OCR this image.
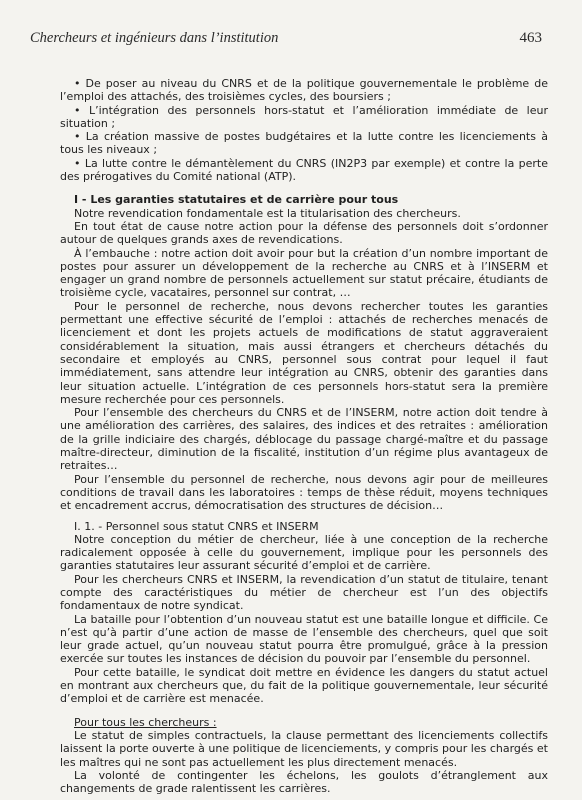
Chercheurs et ingénieurs dans l’institution	463

• De poser au niveau du CNRS et de la politique gouvernementale le problème de l’emploi des attachés, des troisièmes cycles, des boursiers ;

• L’intégration des personnels hors-statut et l’amélioration immédiate de leur situation ;

• La création massive de postes budgétaires et la lutte contre les licenciements à tous les niveaux ;

• La lutte contre le démantèlement du CNRS (IN2P3 par exemple) et contre la perte des prérogatives du Comité national (ATP).

I - Les garanties statutaires et de carrière pour tous

Notre revendication fondamentale est la titularisation des chercheurs.

En tout état de cause notre action pour la défense des personnels doit s’ordonner autour de quelques grands axes de revendications.

À l’embauche : notre action doit avoir pour but la création d’un nombre important de postes pour assurer un développement de la recherche au CNRS et à l’INSERM et engager un grand nombre de personnels actuellement sur statut précaire, étudiants de troisième cycle, vacataires, personnel sur contrat, …

Pour le personnel de recherche, nous devons rechercher toutes les garanties permettant une effective sécurité de l’emploi : attachés de recherches menacés de licenciement et dont les projets actuels de modifications de statut aggraveraient considérablement la situation, mais aussi étrangers et chercheurs détachés du secondaire et employés au CNRS, personnel sous contrat pour lequel il faut immédiatement, sans attendre leur intégration au CNRS, obtenir des garanties dans leur situation actuelle. L’intégration de ces personnels hors-statut sera la première mesure recherchée pour ces personnels.

Pour l’ensemble des chercheurs du CNRS et de l’INSERM, notre action doit tendre à une amélioration des carrières, des salaires, des indices et des retraites : amélioration de la grille indiciaire des chargés, déblocage du passage chargé-maître et du passage maître-directeur, diminution de la fiscalité, institution d’un régime plus avantageux de retraites…

Pour l’ensemble du personnel de recherche, nous devons agir pour de meilleures conditions de travail dans les laboratoires : temps de thèse réduit, moyens techniques et encadrement accrus, démocratisation des structures de décision…

I. 1. - Personnel sous statut CNRS et INSERM

Notre conception du métier de chercheur, liée à une conception de la recherche radicalement opposée à celle du gouvernement, implique pour les personnels des garanties statutaires leur assurant sécurité d’emploi et de carrière.

Pour les chercheurs CNRS et INSERM, la revendication d’un statut de titulaire, tenant compte des caractéristiques du métier de chercheur est l’un des objectifs fondamentaux de notre syndicat.

La bataille pour l’obtention d’un nouveau statut est une bataille longue et difficile. Ce n’est qu’à partir d’une action de masse de l’ensemble des chercheurs, quel que soit leur grade actuel, qu’un nouveau statut pourra être promulgué, grâce à la pression exercée sur toutes les instances de décision du pouvoir par l’ensemble du personnel.

Pour cette bataille, le syndicat doit mettre en évidence les dangers du statut actuel en montrant aux chercheurs que, du fait de la politique gouvernementale, leur sécurité d’emploi et de carrière est menacée.

Pour tous les chercheurs :

Le statut de simples contractuels, la clause permettant des licenciements collectifs laissent la porte ouverte à une politique de licenciements, y compris pour les chargés et les maîtres qui ne sont pas actuellement les plus directement menacés.

La volonté de contingenter les échelons, les goulots d’étranglement aux changements de grade ralentissent les carrières.
